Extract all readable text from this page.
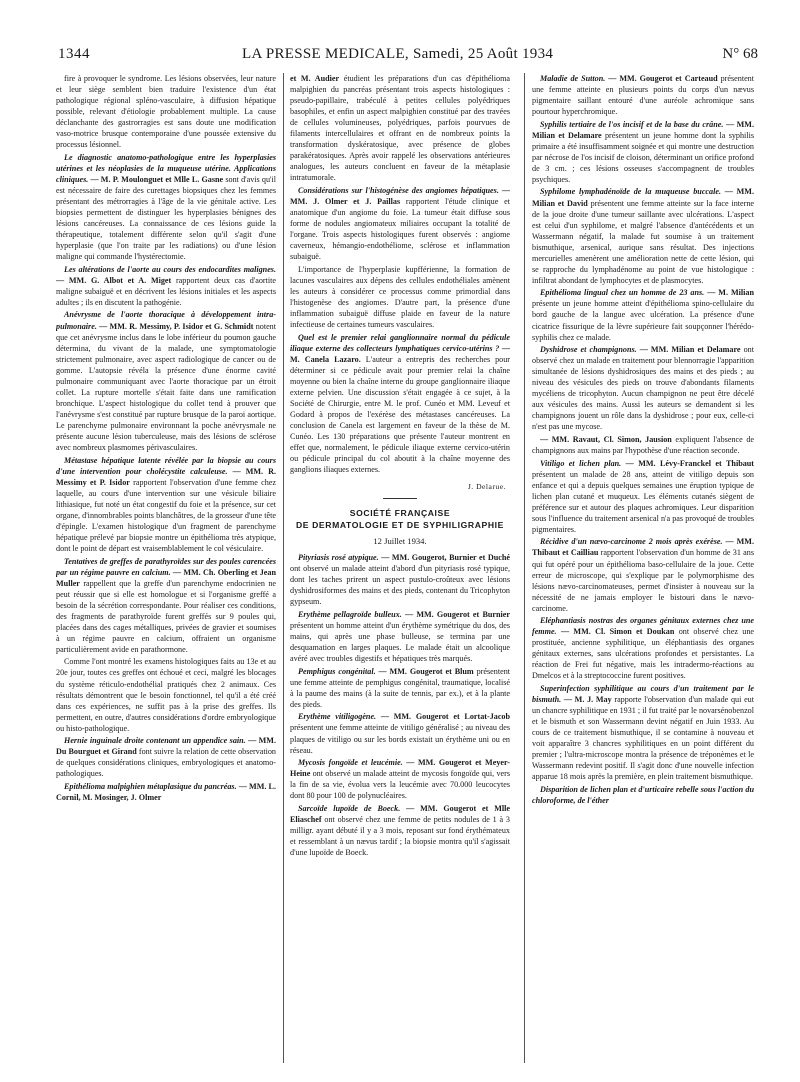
1344	LA PRESSE MEDICALE, Samedi, 25 Août 1934	N° 68

fire à provoquer le syndrome. Les lésions observées, leur nature et leur siège semblent bien traduire l'existence d'un état pathologique régional spléno-vasculaire, à diffusion hépatique possible, relevant d'étiologie probablement multiple. La cause déclanchante des gastrorragies est sans doute une modification vaso-motrice brusque contemporaine d'une poussée extensive du processus lésionnel.

Le diagnostic anatomo-pathologique entre les hyperplasies utérines et les néoplasies de la muqueuse utérine. Applications cliniques. — M. P. Moulonguet et Mlle L. Gasne sont d'avis qu'il est nécessaire de faire des curettages biopsiques chez les femmes présentant des métrorragies à l'âge de la vie génitale active. Les biopsies permettent de distinguer les hyperplasies bénignes des lésions cancéreuses. La connaissance de ces lésions guide la thérapeutique, totalement différente selon qu'il s'agit d'une hyperplasie (que l'on traite par les radiations) ou d'une lésion maligne qui commande l'hystérectomie.

Les altérations de l'aorte au cours des endocardites malignes. — MM. G. Albot et A. Miget rapportent deux cas d'aortite maligne subaiguë et en décrivent les lésions initiales et les aspects adultes ; ils en discutent la pathogénie.

Anévrysme de l'aorte thoracique à développement intra-pulmonaire. — MM. R. Messimy, P. Isidor et G. Schmidt notent que cet anévrysme inclus dans le lobe inférieur du poumon gauche détermina, du vivant de la malade, une symptomatologie strictement pulmonaire, avec aspect radiologique de cancer ou de gomme. L'autopsie révéla la présence d'une énorme cavité pulmonaire communiquant avec l'aorte thoracique par un étroit collet. La rupture mortelle s'était faite dans une ramification bronchique. L'aspect histologique du collet tend à prouver que l'anévrysme s'est constitué par rupture brusque de la paroi aortique. Le parenchyme pulmonaire environnant la poche anévrysmale ne présente aucune lésion tuberculeuse, mais des lésions de sclérose avec nombreux plasmomes périvasculaires.

Métastase hépatique latente révélée par la biopsie au cours d'une intervention pour cholécystite calculeuse. — MM. R. Messimy et P. Isidor rapportent l'observation d'une femme chez laquelle, au cours d'une intervention sur une vésicule biliaire lithiasique, fut noté un état congestif du foie et la présence, sur cet organe, d'innombrables points blanchâtres, de la grosseur d'une tête d'épingle. L'examen histologique d'un fragment de parenchyme hépatique prélevé par biopsie montre un épithélioma très atypique, dont le point de départ est vraisemblablement le col vésiculaire.

Tentatives de greffes de parathyroïdes sur des poules carencées par un régime pauvre en calcium. — MM. Ch. Oberling et Jean Muller rappellent que la greffe d'un parenchyme endocrinien ne peut réussir que si elle est homologue et si l'organisme greffé a besoin de la sécrétion correspondante. Pour réaliser ces conditions, des fragments de parathyroïde furent greffés sur 9 poules qui, placées dans des cages métalliques, privées de gravier et soumises à un régime pauvre en calcium, offraient un organisme particulièrement avide en parathormone.

Comme l'ont montré les examens histologiques faits au 13e et au 20e jour, toutes ces greffes ont échoué et ceci, malgré les blocages du système réticulo-endothélial pratiqués chez 2 animaux. Ces résultats démontrent que le besoin fonctionnel, tel qu'il a été créé dans ces expériences, ne suffit pas à la prise des greffes. Ils permettent, en outre, d'autres considérations d'ordre embryologique ou histo-pathologique.

Hernie inguinale droite contenant un appendice sain. — MM. Du Bourguet et Girand font suivre la relation de cette observation de quelques considérations cliniques, embryologiques et anatomo-pathologiques.

Epithélioma malpighien métaplasique du pancréas. — MM. L. Cornil, M. Mosinger, J. Olmer

et M. Audier étudient les préparations d'un cas d'épithélioma malpighien du pancréas présentant trois aspects histologiques : pseudo-papillaire, trabéculé à petites cellules polyédriques basophiles, et enfin un aspect malpighien constitué par des travées de cellules volumineuses, polyédriques, parfois pourvues de filaments intercellulaires et offrant en de nombreux points la transformation dyskératosique, avec présence de globes parakératosiques. Après avoir rappelé les observations antérieures analogues, les auteurs concluent en faveur de la métaplasie intratumorale.

Considérations sur l'histogénèse des angiomes hépatiques. — MM. J. Olmer et J. Paillas rapportent l'étude clinique et anatomique d'un angiome du foie. La tumeur était diffuse sous forme de nodules angiomateux miliaires occupant la totalité de l'organe. Trois aspects histologiques furent observés : angiome caverneux, hémangio-endothéliome, sclérose et inflammation subaiguë.

L'importance de l'hyperplasie kupfférienne, la formation de lacunes vasculaires aux dépens des cellules endothéliales amènent les auteurs à considérer ce processus comme primordial dans l'histogenèse des angiomes. D'autre part, la présence d'une inflammation subaiguë diffuse plaide en faveur de la nature infectieuse de certaines tumeurs vasculaires.

Quel est le premier relai ganglionnaire normal du pédicule iliaque externe des collecteurs lymphatiques cervico-utérins ? — M. Canela Lazaro. L'auteur a entrepris des recherches pour déterminer si ce pédicule avait pour premier relai la chaîne moyenne ou bien la chaîne interne du groupe ganglionnaire iliaque externe pelvien. Une discussion s'était engagée à ce sujet, à la Société de Chirurgie, entre M. le prof. Cunéo et MM. Leveuf et Godard à propos de l'exérèse des métastases cancéreuses. La conclusion de Canela est largement en faveur de la thèse de M. Cunéo. Les 130 préparations que présente l'auteur montrent en effet que, normalement, le pédicule iliaque externe cervico-utérin ou pédicule principal du col aboutit à la chaîne moyenne des ganglions iliaques externes.

J. Delarue.
SOCIÉTÉ FRANÇAISE
DE DERMATOLOGIE ET DE SYPHILIGRAPHIE
12 Juillet 1934.

Pityriasis rosé atypique. — MM. Gougerot, Burnier et Duché ont observé un malade atteint d'abord d'un pityriasis rosé typique, dont les taches prirent un aspect pustulo-croûteux avec lésions dyshidrosiformes des mains et des pieds, contenant du Tricophyton gypseum.

Erythème pellagroïde bulleux. — MM. Gougerot et Burnier présentent un homme atteint d'un érythème symétrique du dos, des mains, qui après une phase bulleuse, se termina par une desquamation en larges plaques. Le malade était un alcoolique avéré avec troubles digestifs et hépatiques très marqués.

Pemphigus congénital. — MM. Gougerot et Blum présentent une femme atteinte de pemphigus congénital, traumatique, localisé à la paume des mains (à la suite de tennis, par ex.), et à la plante des pieds.

Erythème vitiligogène. — MM. Gougerot et Lortat-Jacob présentent une femme atteinte de vitiligo généralisé ; au niveau des plaques de vitiligo ou sur les bords existait un érythème uni ou en réseau.

Mycosis fongoïde et leucémie. — MM. Gougerot et Meyer-Heine ont observé un malade atteint de mycosis fongoïde qui, vers la fin de sa vie, évolua vers la leucémie avec 70.000 leucocytes dont 80 pour 100 de polynucléaires.

Sarcoïde lupoïde de Boeck. — MM. Gougerot et Mlle Eliaschef ont observé chez une femme de petits nodules de 1 à 3 milligr. ayant débuté il y a 3 mois, reposant sur fond érythémateux et ressemblant à un nævus tardif ; la biopsie montra qu'il s'agissait d'une lupoïde de Boeck.

Maladie de Sutton. — MM. Gougerot et Carteaud présentent une femme atteinte en plusieurs points du corps d'un nævus pigmentaire saillant entouré d'une auréole achromique sans pourtour hyperchromique.

Syphilis tertiaire de l'os incisif et de la base du crâne. — MM. Milian et Delamare présentent un jeune homme dont la syphilis primaire a été insuffisamment soignée et qui montre une destruction par nécrose de l'os incisif de cloison, déterminant un orifice profond de 3 cm. ; ces lésions osseuses s'accompagnent de troubles psychiques.

Syphilome lymphadénoïde de la muqueuse buccale. — MM. Milian et David présentent une femme atteinte sur la face interne de la joue droite d'une tumeur saillante avec ulcérations. L'aspect est celui d'un syphilome, et malgré l'absence d'antécédents et un Wassermann négatif, la malade fut soumise à un traitement bismuthique, arsenical, aurique sans résultat. Des injections mercurielles amenèrent une amélioration nette de cette lésion, qui se rapproche du lymphadénome au point de vue histologique : infiltrat abondant de lymphocytes et de plasmocytes.

Epithélioma lingual chez un homme de 23 ans. — M. Milian présente un jeune homme atteint d'épithélioma spino-cellulaire du bord gauche de la langue avec ulcération. La présence d'une cicatrice fissurique de la lèvre supérieure fait soupçonner l'hérédo-syphilis chez ce malade.

Dyshidrose et champignons. — MM. Milian et Delamare ont observé chez un malade en traitement pour blennorragie l'apparition simultanée de lésions dyshidrosiques des mains et des pieds ; au niveau des vésicules des pieds on trouve d'abondants filaments mycéliens de tricophyton. Aucun champignon ne peut être décelé aux vésicules des mains. Aussi les auteurs se demandent si les champignons jouent un rôle dans la dyshidrose ; pour eux, celle-ci n'est pas une mycose.

— MM. Ravaut, Cl. Simon, Jausion expliquent l'absence de champignons aux mains par l'hypothèse d'une réaction seconde.

Vitiligo et lichen plan. — MM. Lévy-Franckel et Thibaut présentent un malade de 28 ans, atteint de vitiligo depuis son enfance et qui a depuis quelques semaines une éruption typique de lichen plan cutané et muqueux. Les éléments cutanés siègent de préférence sur et autour des plaques achromiques. Leur disparition sous l'influence du traitement arsenical n'a pas provoqué de troubles pigmentaires.

Récidive d'un nævo-carcinome 2 mois après exérèse. — MM. Thibaut et Cailliau rapportent l'observation d'un homme de 31 ans qui fut opéré pour un épithélioma baso-cellulaire de la joue. Cette erreur de microscope, qui s'explique par le polymorphisme des lésions nævo-carcinomateuses, permet d'insister à nouveau sur la nécessité de ne jamais employer le bistouri dans le nævo-carcinome.

Eléphantiasis nostras des organes génitaux externes chez une femme. — MM. Cl. Simon et Doukan ont observé chez une prostituée, ancienne syphilitique, un éléphantiasis des organes génitaux externes, sans ulcérations profondes et persistantes. La réaction de Frei fut négative, mais les intradermo-réactions au Dmelcos et à la streptococcine furent positives.

Superinfection syphilitique au cours d'un traitement par le bismuth. — M. J. May rapporte l'observation d'un malade qui eut un chancre syphilitique en 1931 ; il fut traité par le novarsénobenzol et le bismuth et son Wassermann devint négatif en Juin 1933. Au cours de ce traitement bismuthique, il se contamine à nouveau et voit apparaître 3 chancres syphilitiques en un point différent du premier ; l'ultra-microscope montra la présence de tréponèmes et le Wassermann redevint positif. Il s'agit donc d'une nouvelle infection apparue 18 mois après la première, en plein traitement bismuthique.

Disparition de lichen plan et d'urticaire rebelle sous l'action du chloroforme, de l'éther
